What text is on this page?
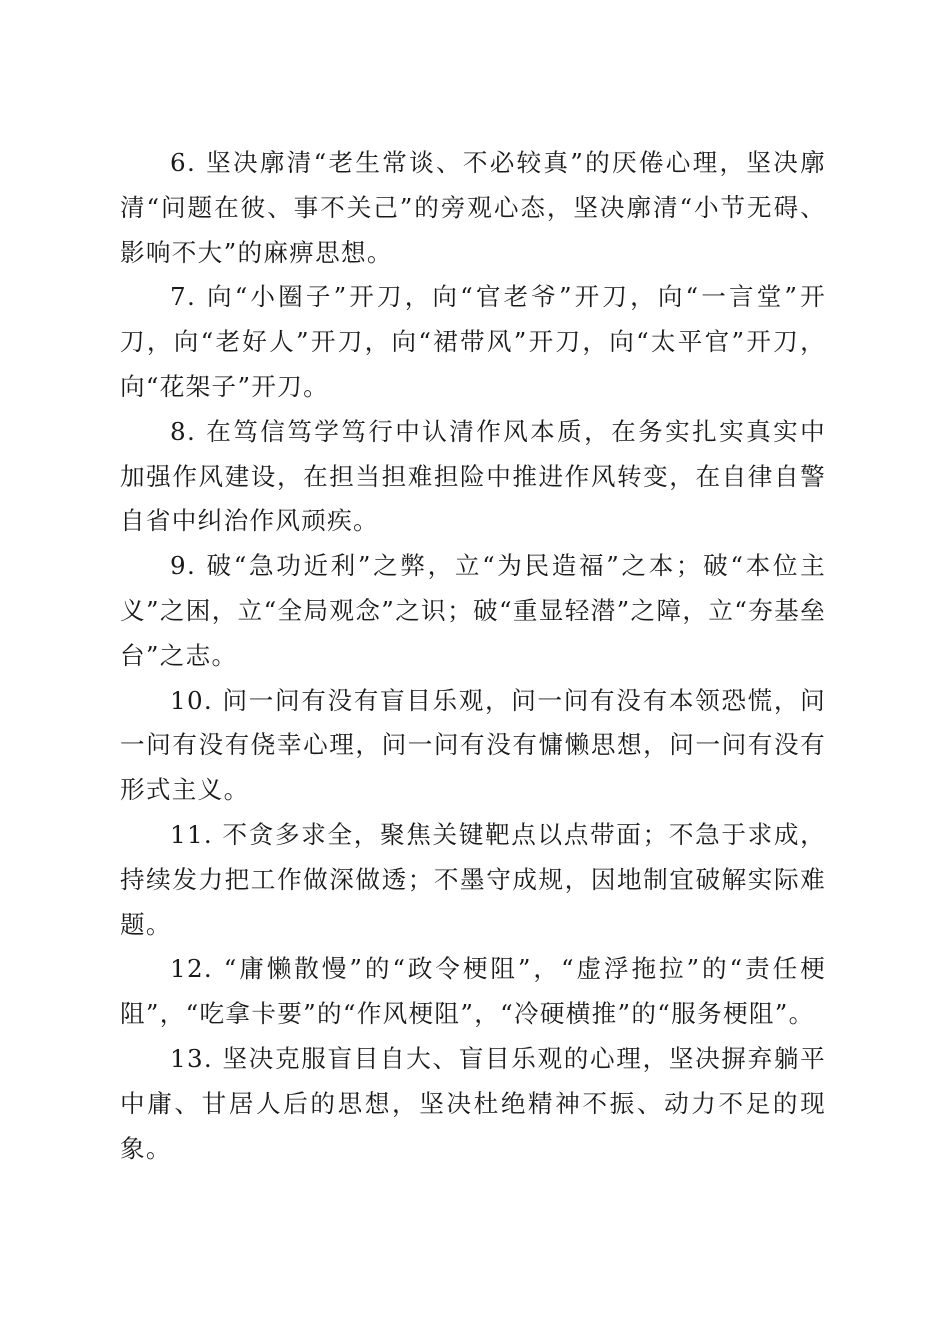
6. 坚决廓清“老生常谈、不必较真”的厌倦心理，坚决廓清“问题在彼、事不关己”的旁观心态，坚决廓清“小节无碍、影响不大”的麻痹思想。

7. 向“小圈子”开刀，向“官老爷”开刀，向“一言堂”开刀，向“老好人”开刀，向“裙带风”开刀，向“太平官”开刀，向“花架子”开刀。

8. 在笃信笃学笃行中认清作风本质，在务实扎实真实中加强作风建设，在担当担难担险中推进作风转变，在自律自警自省中纠治作风顽疾。

9. 破“急功近利”之弊，立“为民造福”之本；破“本位主义”之困，立“全局观念”之识；破“重显轻潜”之障，立“夯基垒台”之志。

10. 问一问有没有盲目乐观，问一问有没有本领恐慌，问一问有没有侥幸心理，问一问有没有慵懒思想，问一问有没有形式主义。

11. 不贪多求全，聚焦关键靶点以点带面；不急于求成，持续发力把工作做深做透；不墨守成规，因地制宜破解实际难题。

12. “庸懒散慢”的“政令梗阻”，“虚浮拖拉”的“责任梗阻”，“吃拿卡要”的“作风梗阻”，“冷硬横推”的“服务梗阻”。

13. 坚决克服盲目自大、盲目乐观的心理，坚决摒弃躺平中庸、甘居人后的思想，坚决杜绝精神不振、动力不足的现象。
